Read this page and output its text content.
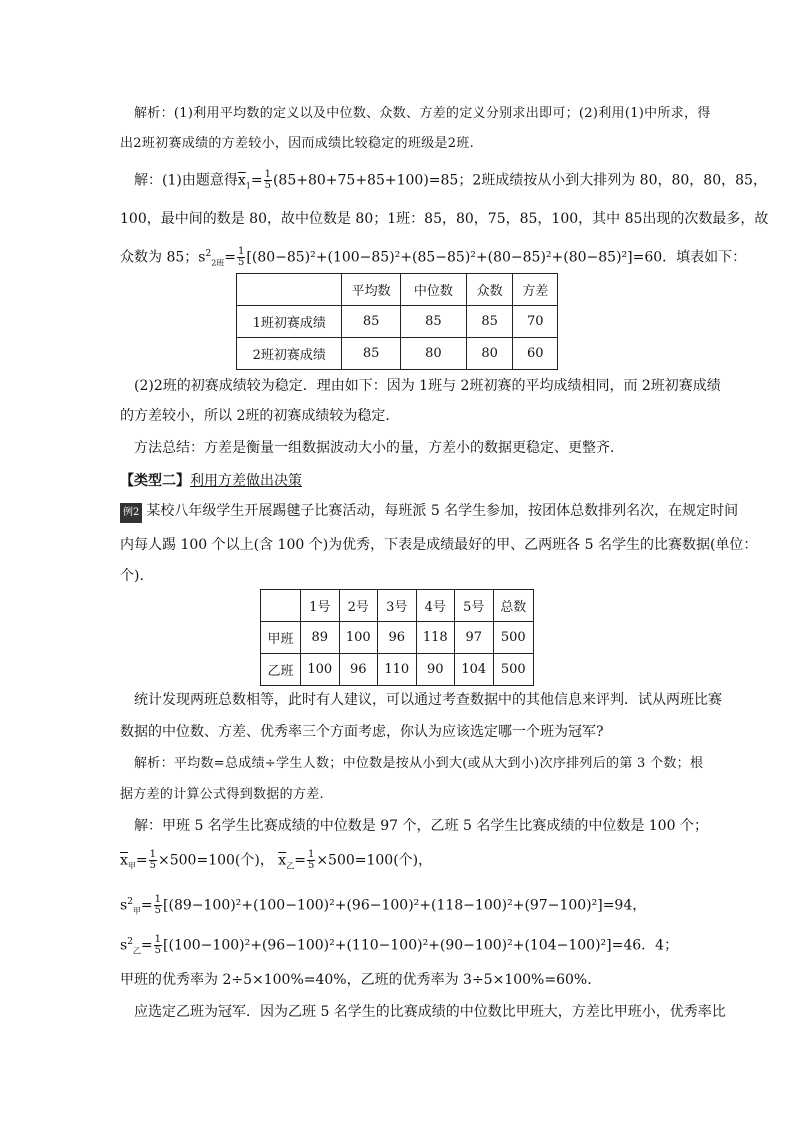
解析：(1)利用平均数的定义以及中位数、众数、方差的定义分别求出即可；(2)利用(1)中所求，得
出2班初赛成绩的方差较小，因而成绩比较稳定的班级是2班.
解：(1)由题意得$\overline{x}_1= \frac{1}{5} (85+80+75+85+100)=85$；2班成绩按从小到大排列为 80，80，80，85，
100，最中间的数是 80，故中位数是 80；1班：85，80，75，85，100，其中 85出现的次数最多，故
众数为 85；$s^2_{2班}= \frac{1}{5} [(80-85)^2+(100-85)^2+(85-85)^2+(80-85)^2+(80-85)^2]=60$．填表如下：
	平均数	中位数	众数	方差
1班初赛成绩	85	85	85	70
2班初赛成绩	85	80	80	60
(2)2班的初赛成绩较为稳定．理由如下：因为 1班与 2班初赛的平均成绩相同，而 2班初赛成绩
的方差较小，所以 2班的初赛成绩较为稳定．
方法总结：方差是衡量一组数据波动大小的量，方差小的数据更稳定、更整齐.
【类型二】利用方差做出决策
例2 某校八年级学生开展踢毽子比赛活动，每班派 5 名学生参加，按团体总数排列名次，在规定时间
内每人踢 100 个以上(含 100 个)为优秀，下表是成绩最好的甲、乙两班各 5 名学生的比赛数据(单位：
个).
	1号	2号	3号	4号	5号	总数
甲班	89	100	96	118	97	500
乙班	100	96	110	90	104	500
统计发现两班总数相等，此时有人建议，可以通过考查数据中的其他信息来评判．试从两班比赛
数据的中位数、方差、优秀率三个方面考虑，你认为应该选定哪一个班为冠军?
解析：平均数=总成绩÷学生人数；中位数是按从小到大(或从大到小)次序排列后的第 3 个数；根
据方差的计算公式得到数据的方差.
解：甲班 5 名学生比赛成绩的中位数是 97 个，乙班 5 名学生比赛成绩的中位数是 100 个；
$\overline{x}_甲= \frac{1}{5} \times 500=100$(个)， $\overline{x}_乙= \frac{1}{5} \times 500=100$(个)，
$s^2_甲= \frac{1}{5} [(89-100)^2+(100-100)^2+(96-100)^2+(118-100)^2+(97-100)^2]=94$，
$s^2_乙= \frac{1}{5} [(100-100)^2+(96-100)^2+(110-100)^2+(90-100)^2+(104-100)^2]=46$．4；
甲班的优秀率为 2÷5×100%=40%，乙班的优秀率为 3÷5×100%=60%.
应选定乙班为冠军．因为乙班 5 名学生的比赛成绩的中位数比甲班大，方差比甲班小，优秀率比
